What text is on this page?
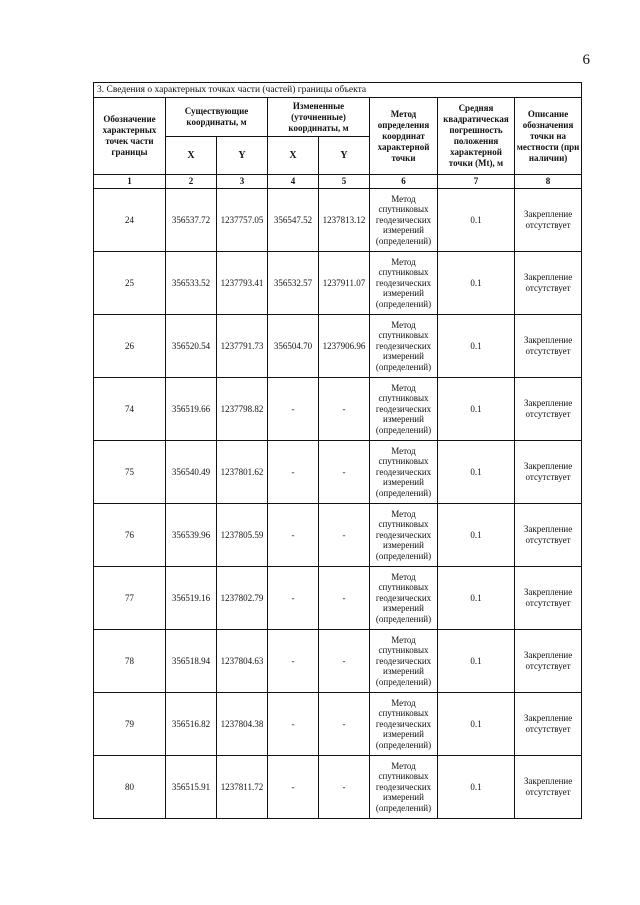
6
3. Сведения о характерных точках части (частей) границы объекта							
Обозначение характерных точек части границы	Существующие координаты, м		Измененные (уточненные) координаты, м		Метод определения координат характерной точки	Средняя квадратическая погрешность положения характерной точки (Mt), м	Описание обозначения точки на местности (при наличии)
	X	Y	X	Y			
1	2	3	4	5	6	7	8
24	356537.72	1237757.05	356547.52	1237813.12	Метод спутниковых геодезических измерений (определений)	0.1	Закрепление отсутствует
25	356533.52	1237793.41	356532.57	1237911.07	Метод спутниковых геодезических измерений (определений)	0.1	Закрепление отсутствует
26	356520.54	1237791.73	356504.70	1237906.96	Метод спутниковых геодезических измерений (определений)	0.1	Закрепление отсутствует
74	356519.66	1237798.82	-	-	Метод спутниковых геодезических измерений (определений)	0.1	Закрепление отсутствует
75	356540.49	1237801.62	-	-	Метод спутниковых геодезических измерений (определений)	0.1	Закрепление отсутствует
76	356539.96	1237805.59	-	-	Метод спутниковых геодезических измерений (определений)	0.1	Закрепление отсутствует
77	356519.16	1237802.79	-	-	Метод спутниковых геодезических измерений (определений)	0.1	Закрепление отсутствует
78	356518.94	1237804.63	-	-	Метод спутниковых геодезических измерений (определений)	0.1	Закрепление отсутствует
79	356516.82	1237804.38	-	-	Метод спутниковых геодезических измерений (определений)	0.1	Закрепление отсутствует
80	356515.91	1237811.72	-	-	Метод спутниковых геодезических измерений (определений)	0.1	Закрепление отсутствует
